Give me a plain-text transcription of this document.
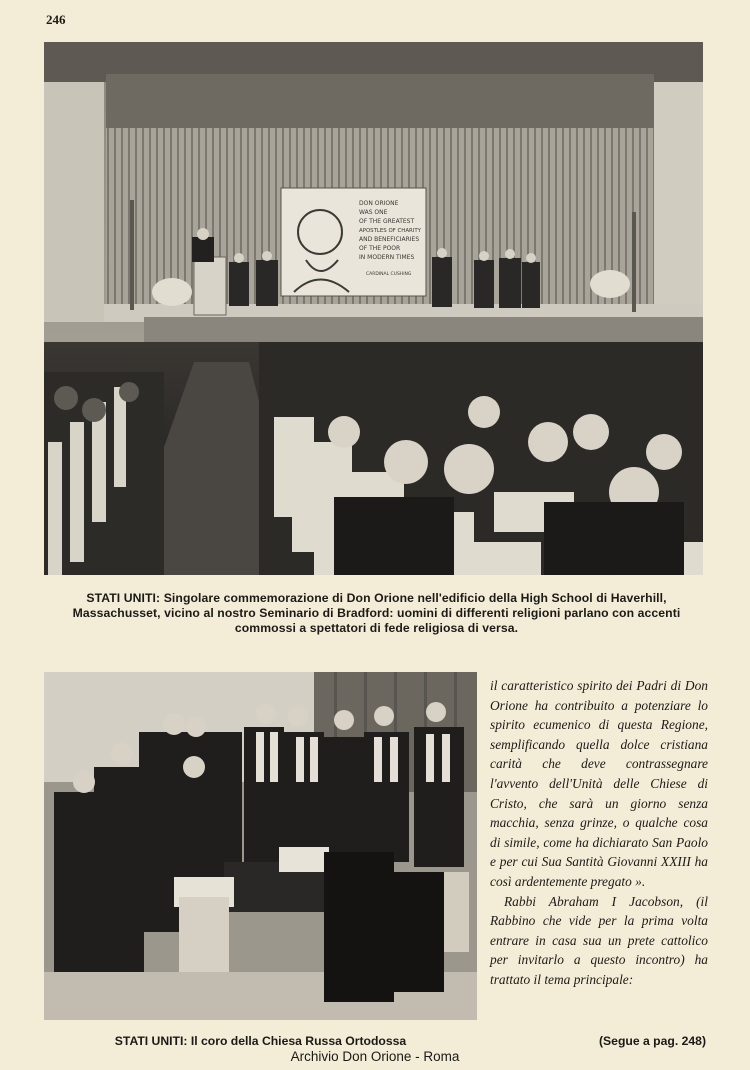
246
DON ORIONE
WAS ONE
OF THE GREATEST
APOSTLES OF CHARITY
AND BENEFICIARIES
OF THE POOR
IN MODERN TIMES
CARDINAL CUSHING
STATI UNITI: Singolare commemorazione di Don Orione nell'edificio della High School di Haverhill, Massachusset, vicino al nostro Seminario di Bradford: uomini di differenti religioni parlano con accenti commossi a spettatori di fede religiosa di versa.

il caratteristico spirito dei Padri di Don Orione ha contribuito a potenziare lo spirito ecumenico di questa Regione, semplificando quella dolce cristiana carità che deve contrassegnare l'avvento dell'Unità delle Chiese di Cristo, che sarà un giorno senza macchia, senza grinze, o qualche cosa di simile, come ha dichiarato San Paolo e per cui Sua Santità Giovanni XXIII ha così ardentemente pregato ».

Rabbi Abraham I Jacobson, (il Rabbino che vide per la prima volta entrare in casa sua un prete cattolico per invitarlo a questo incontro) ha trattato il tema principale:

STATI UNITI: Il coro della Chiesa Russa Ortodossa	(Segue a pag. 248)
Archivio Don Orione - Roma
